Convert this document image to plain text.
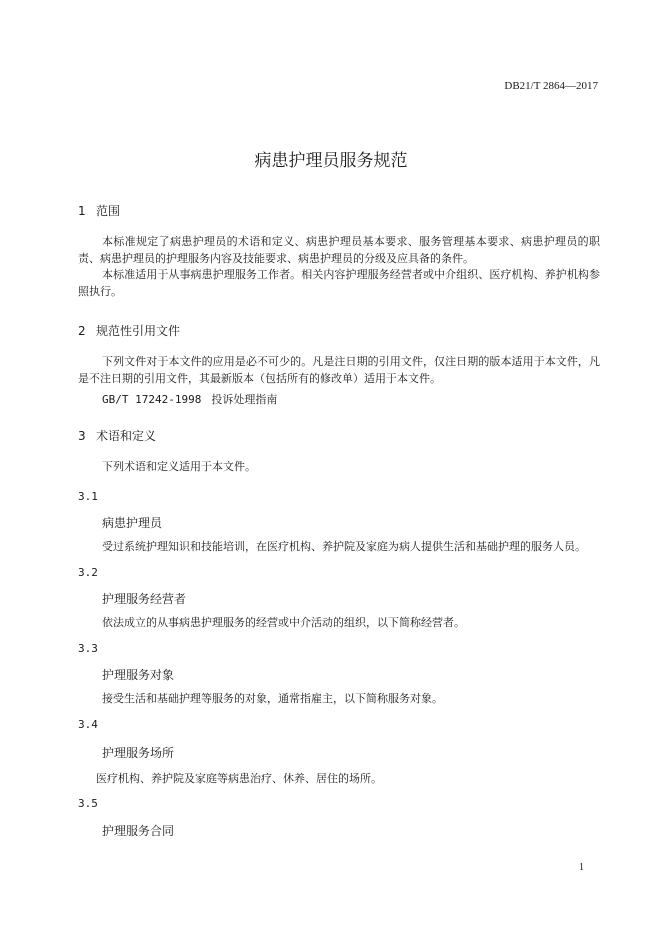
DB21/T 2864—2017
病患护理员服务规范
1 范围
本标准规定了病患护理员的术语和定义、病患护理员基本要求、服务管理基本要求、病患护理员的职责、病患护理员的护理服务内容及技能要求、病患护理员的分级及应具备的条件。
本标准适用于从事病患护理服务工作者。相关内容护理服务经营者或中介组织、医疗机构、养护机构参照执行。
2 规范性引用文件
下列文件对于本文件的应用是必不可少的。凡是注日期的引用文件，仅注日期的版本适用于本文件，凡是不注日期的引用文件，其最新版本（包括所有的修改单）适用于本文件。
GB/T 17242-1998 投诉处理指南
3 术语和定义
下列术语和定义适用于本文件。
3.1
病患护理员
受过系统护理知识和技能培训，在医疗机构、养护院及家庭为病人提供生活和基础护理的服务人员。
3.2
护理服务经营者
依法成立的从事病患护理服务的经营或中介活动的组织，以下简称经营者。
3.3
护理服务对象
接受生活和基础护理等服务的对象，通常指雇主，以下简称服务对象。
3.4
护理服务场所
医疗机构、养护院及家庭等病患治疗、休养、居住的场所。
3.5
护理服务合同
1
